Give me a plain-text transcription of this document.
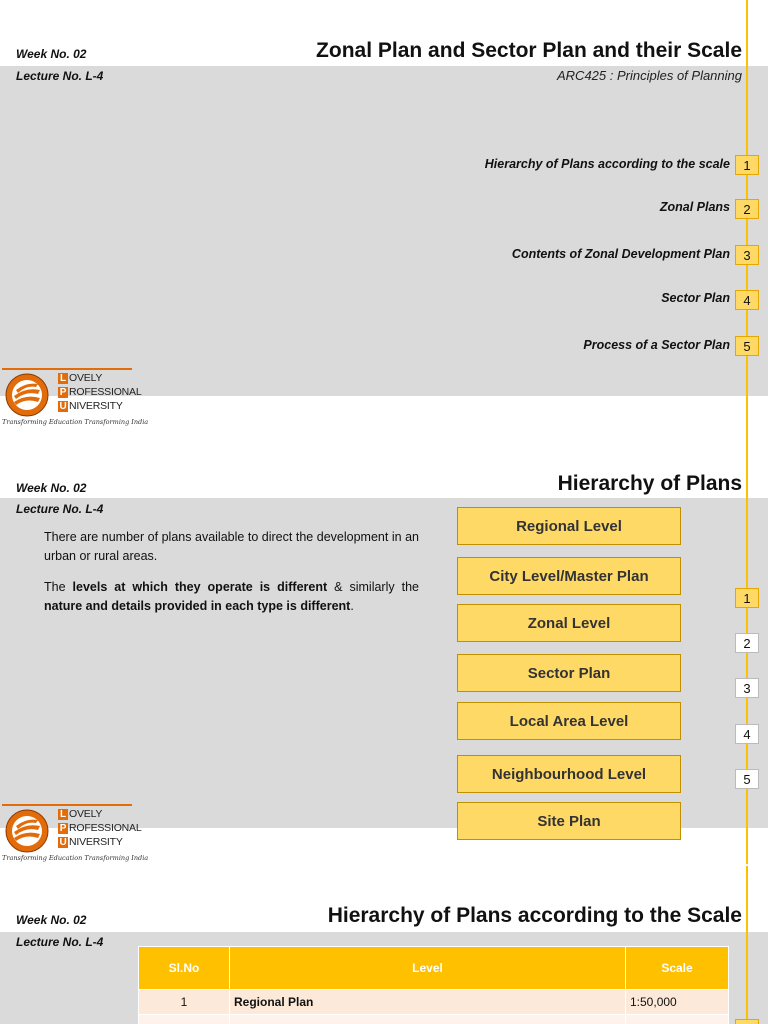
Week No. 02
Lecture No. L-4
Zonal Plan and Sector Plan and their Scale
ARC425 : Principles of Planning
Hierarchy of Plans according to the scale	1
Zonal Plans	2
Contents of Zonal Development Plan	3
Sector Plan	4
Process of a Sector Plan	5
L OVELY
P ROFESSIONAL
U NIVERSITY
Transforming Education Transforming India
Week No. 02
Lecture No. L-4
Hierarchy of Plans

There are number of plans available to direct the development in an urban or rural areas.

The levels at which they operate is different & similarly the nature and details provided in each type is different.

Regional Level
City Level/Master Plan
Zonal Level
Sector Plan
Local Area Level
Neighbourhood Level
Site Plan
1
2
3
4
5
L OVELY
P ROFESSIONAL
U NIVERSITY
Transforming Education Transforming India
Week No. 02
Lecture No. L-4
Hierarchy of Plans according to the Scale
Sl.No	Level	Scale
1	Regional Plan	1:50,000
